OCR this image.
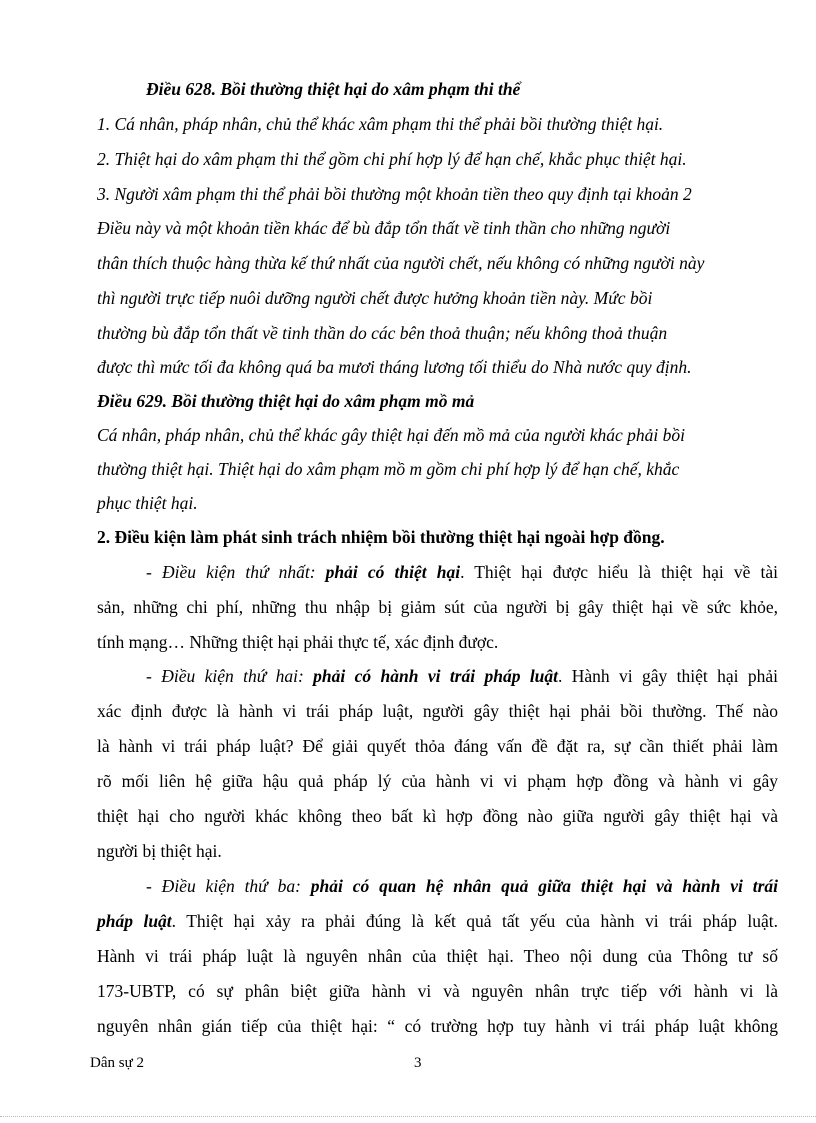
Điều 628. Bồi thường thiệt hại do xâm phạm thi thể
1. Cá nhân, pháp nhân, chủ thể khác xâm phạm thi thể phải bồi thường thiệt hại.
2. Thiệt hại do xâm phạm thi thể gồm chi phí hợp lý để hạn chế, khắc phục thiệt hại.
3. Người xâm phạm thi thể phải bồi thường một khoản tiền theo quy định tại khoản 2
Điều này và một khoản tiền khác để bù đắp tổn thất về tinh thần cho những người
thân thích thuộc hàng thừa kế thứ nhất của người chết, nếu không có những người này
thì người trực tiếp nuôi dưỡng người chết được hưởng khoản tiền này. Mức bồi
thường bù đắp tổn thất về tinh thần do các bên thoả thuận; nếu không thoả thuận
được thì mức tối đa không quá ba mươi tháng lương tối thiểu do Nhà nước quy định.
Điều 629. Bồi thường thiệt hại do xâm phạm mồ mả
Cá nhân, pháp nhân, chủ thể khác gây thiệt hại đến mồ mả của người khác phải bồi
thường thiệt hại. Thiệt hại do xâm phạm mồ m gồm chi phí hợp lý để hạn chế, khắc
phục thiệt hại.
2. Điều kiện làm phát sinh trách nhiệm bồi thường thiệt hại ngoài hợp đồng.
- Điều kiện thứ nhất: phải có thiệt hại. Thiệt hại được hiểu là thiệt hại về tài
sản, những chi phí, những thu nhập bị giảm sút của người bị gây thiệt hại về sức khỏe,
tính mạng… Những thiệt hại phải thực tế, xác định được.
- Điều kiện thứ hai: phải có hành vi trái pháp luật. Hành vi gây thiệt hại phải
xác định được là hành vi trái pháp luật, người gây thiệt hại phải bồi thường. Thế nào
là hành vi trái pháp luật? Để giải quyết thỏa đáng vấn đề đặt ra, sự cần thiết phải làm
rõ mối liên hệ giữa hậu quả pháp lý của hành vi vi phạm hợp đồng và hành vi gây
thiệt hại cho người khác không theo bất kì hợp đồng nào giữa người gây thiệt hại và
người bị thiệt hại.
- Điều kiện thứ ba: phải có quan hệ nhân quả giữa thiệt hại và hành vi trái
pháp luật. Thiệt hại xảy ra phải đúng là kết quả tất yếu của hành vi trái pháp luật.
Hành vi trái pháp luật là nguyên nhân của thiệt hại. Theo nội dung của Thông tư số
173-UBTP, có sự phân biệt giữa hành vi và nguyên nhân trực tiếp với hành vi là
nguyên nhân gián tiếp của thiệt hại: “ có trường hợp tuy hành vi trái pháp luật không
Dân sự 2	3
